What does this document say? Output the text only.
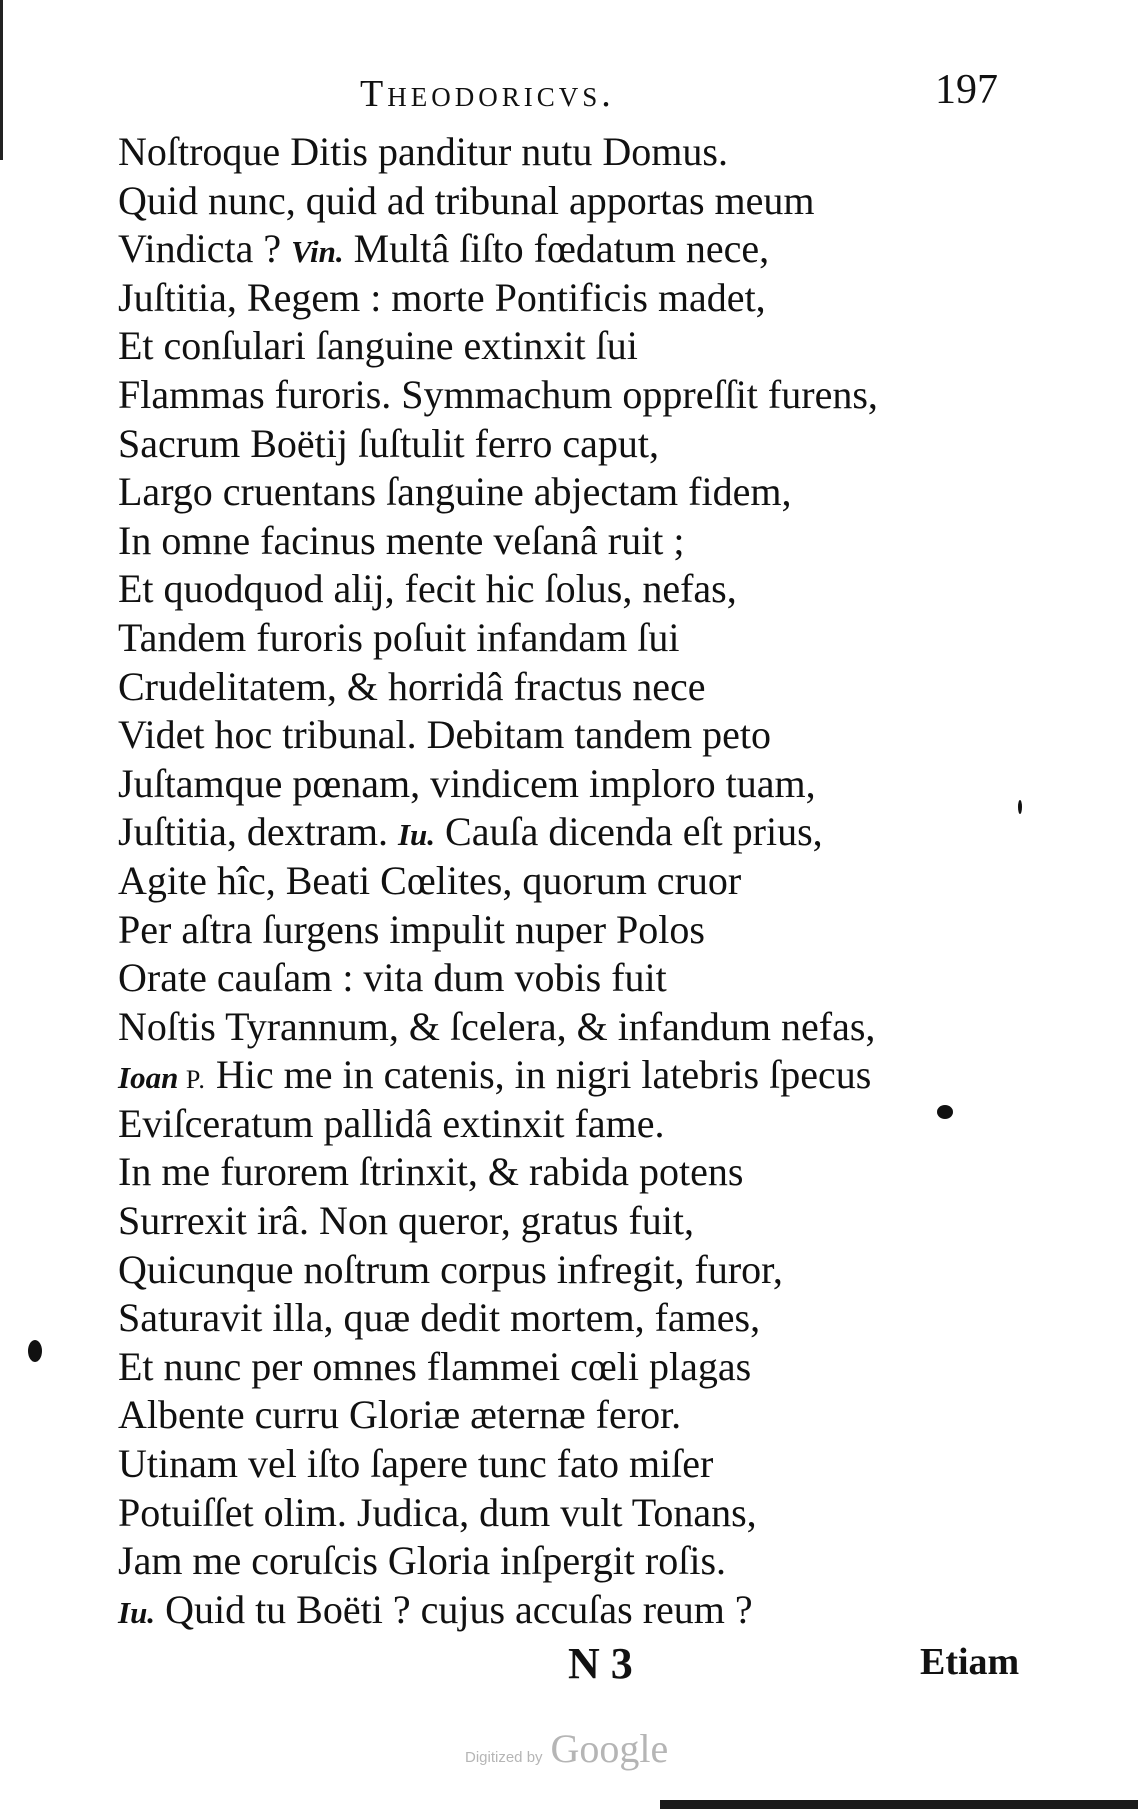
Theodoricvs.	197
Noſtroque Ditis panditur nutu Domus.
Quid nunc, quid ad tribunal apportas meum
Vindicta ? Vin. Multâ ſiſto fœdatum nece,
Juſtitia, Regem : morte Pontificis madet,
Et conſulari ſanguine extinxit ſui
Flammas furoris. Symmachum oppreſſit furens,
Sacrum Boëtij ſuſtulit ferro caput,
Largo cruentans ſanguine abjectam fidem,
In omne facinus mente veſanâ ruit ;
Et quodquod alij, fecit hic ſolus, nefas,
Tandem furoris poſuit infandam ſui
Crudelitatem, & horridâ fractus nece
Videt hoc tribunal. Debitam tandem peto
Juſtamque pœnam, vindicem imploro tuam,
Juſtitia, dextram. Iu. Cauſa dicenda eſt prius,
Agite hîc, Beati Cœlites, quorum cruor
Per aſtra ſurgens impulit nuper Polos
Orate cauſam : vita dum vobis fuit
Noſtis Tyrannum, & ſcelera, & infandum nefas,
Ioan P. Hic me in catenis, in nigri latebris ſpecus
Eviſceratum pallidâ extinxit fame.
In me furorem ſtrinxit, & rabida potens
Surrexit irâ. Non queror, gratus fuit,
Quicunque noſtrum corpus infregit, furor,
Saturavit illa, quæ dedit mortem, fames,
Et nunc per omnes flammei cœli plagas
Albente curru Gloriæ æternæ feror.
Utinam vel iſto ſapere tunc fato miſer
Potuiſſet olim. Judica, dum vult Tonans,
Jam me coruſcis Gloria inſpergit roſis.
Iu. Quid tu Boëti ? cujus accuſas reum ?
N 3	Etiam
Digitized by Google
